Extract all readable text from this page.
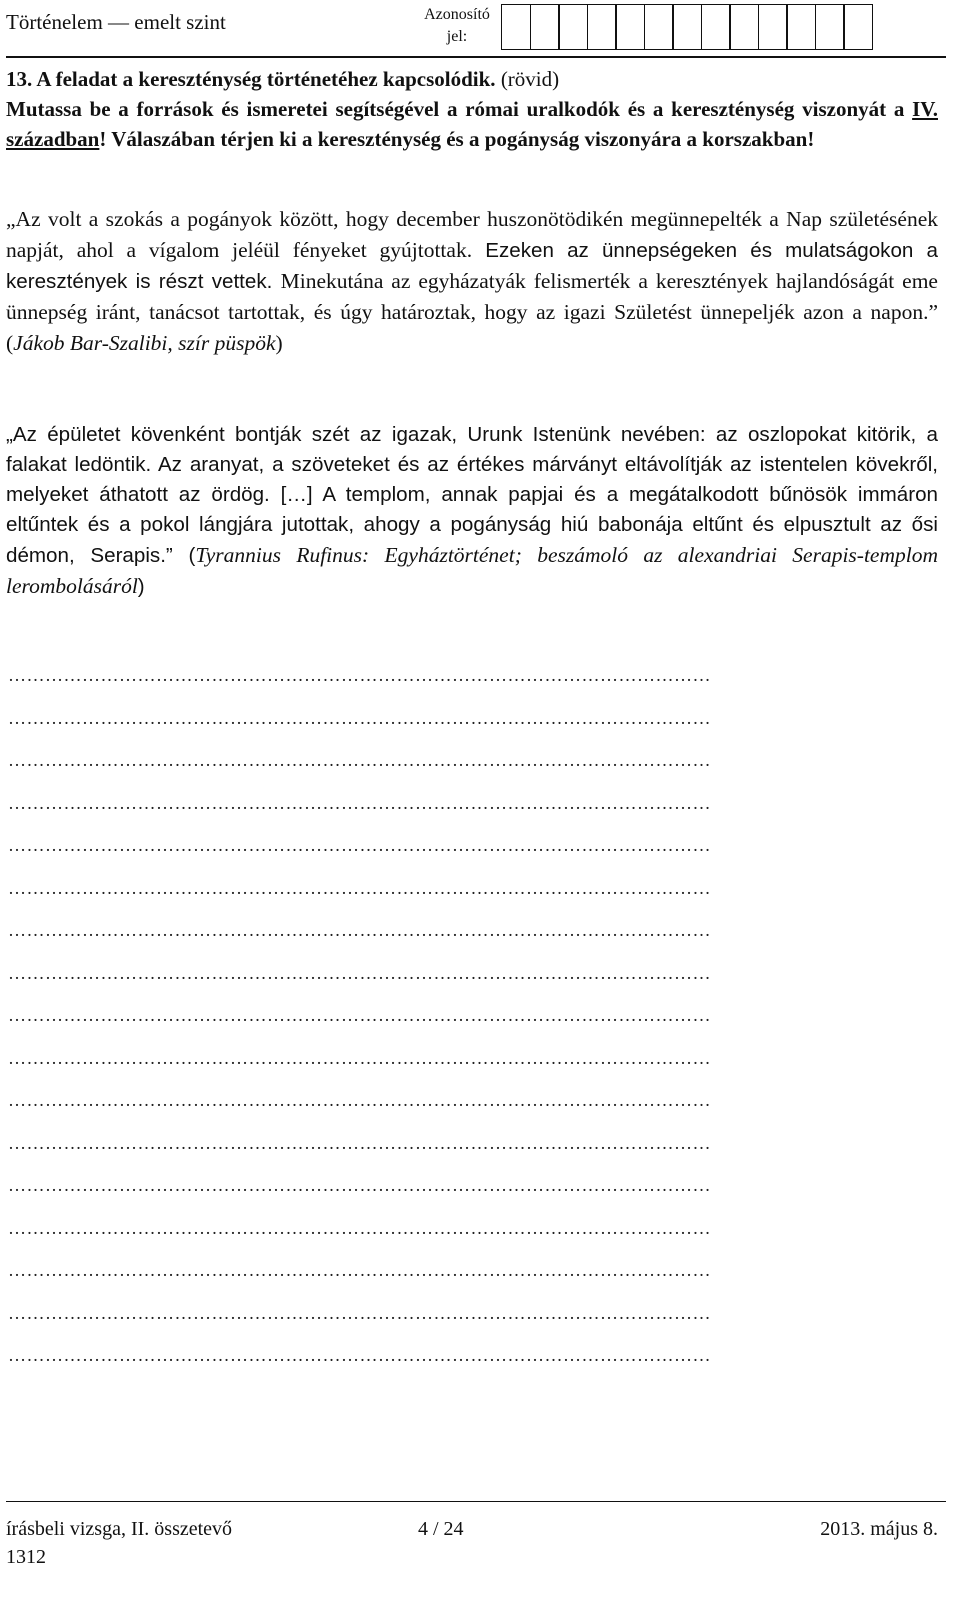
Történelem — emelt szint	Azonosító
jel:
13. A feladat a kereszténység történetéhez kapcsolódik. (rövid)
Mutassa be a források és ismeretei segítségével a római uralkodók és a kereszténység viszonyát a IV. században! Válaszában térjen ki a kereszténység és a pogányság viszonyára a korszakban!
„Az volt a szokás a pogányok között, hogy december huszonötödikén megünnepelték a Nap születésének napját, ahol a vígalom jeléül fényeket gyújtottak. Ezeken az ünnepségeken és mulatságokon a keresztények is részt vettek. Minekutána az egyházatyák felismerték a keresztények hajlandóságát eme ünnepség iránt, tanácsot tartottak, és úgy határoztak, hogy az igazi Születést ünnepeljék azon a napon.” (Jákob Bar-Szalibi, szír püspök)
„Az épületet kövenként bontják szét az igazak, Urunk Istenünk nevében: az oszlopokat kitörik, a falakat ledöntik. Az aranyat, a szöveteket és az értékes márványt eltávolítják az istentelen kövekről, melyeket áthatott az ördög. […] A templom, annak papjai és a megátalkodott bűnösök immáron eltűntek és a pokol lángjára jutottak, ahogy a pogányság hiú babonája eltűnt és elpusztult az ősi démon, Serapis.” (Tyrannius Rufinus: Egyháztörténet; beszámoló az alexandriai Serapis-templom lerombolásáról)
……………………………………………………………………………………………………
……………………………………………………………………………………………………
……………………………………………………………………………………………………
……………………………………………………………………………………………………
……………………………………………………………………………………………………
……………………………………………………………………………………………………
……………………………………………………………………………………………………
……………………………………………………………………………………………………
……………………………………………………………………………………………………
……………………………………………………………………………………………………
……………………………………………………………………………………………………
……………………………………………………………………………………………………
……………………………………………………………………………………………………
……………………………………………………………………………………………………
……………………………………………………………………………………………………
……………………………………………………………………………………………………
……………………………………………………………………………………………………
írásbeli vizsga, II. összetevő	4 / 24	2013. május 8.
1312
